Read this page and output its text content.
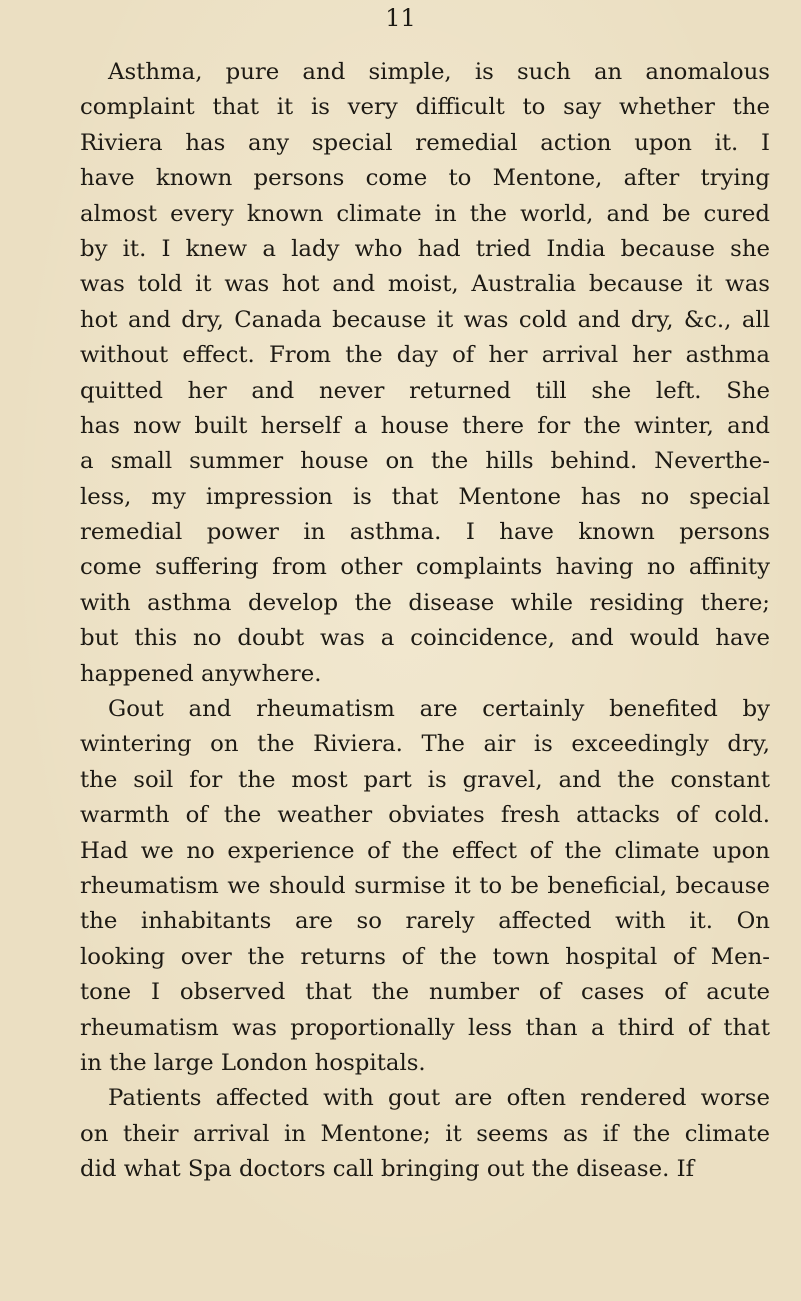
11
Asthma, pure and simple, is such an anomalous
complaint that it is very difficult to say whether the
Riviera has any special remedial action upon it. I
have known persons come to Mentone, after trying
almost every known climate in the world, and be cured
by it. I knew a lady who had tried India because she
was told it was hot and moist, Australia because it was
hot and dry, Canada because it was cold and dry, &c., all
without effect. From the day of her arrival her asthma
quitted her and never returned till she left. She
has now built herself a house there for the winter, and
a small summer house on the hills behind. Neverthe-
less, my impression is that Mentone has no special
remedial power in asthma. I have known persons
come suffering from other complaints having no affinity
with asthma develop the disease while residing there;
but this no doubt was a coincidence, and would have
happened anywhere.
Gout and rheumatism are certainly benefited by
wintering on the Riviera. The air is exceedingly dry,
the soil for the most part is gravel, and the constant
warmth of the weather obviates fresh attacks of cold.
Had we no experience of the effect of the climate upon
rheumatism we should surmise it to be beneficial, because
the inhabitants are so rarely affected with it. On
looking over the returns of the town hospital of Men-
tone I observed that the number of cases of acute
rheumatism was proportionally less than a third of that
in the large London hospitals.
Patients affected with gout are often rendered worse
on their arrival in Mentone; it seems as if the climate
did what Spa doctors call bringing out the disease. If
